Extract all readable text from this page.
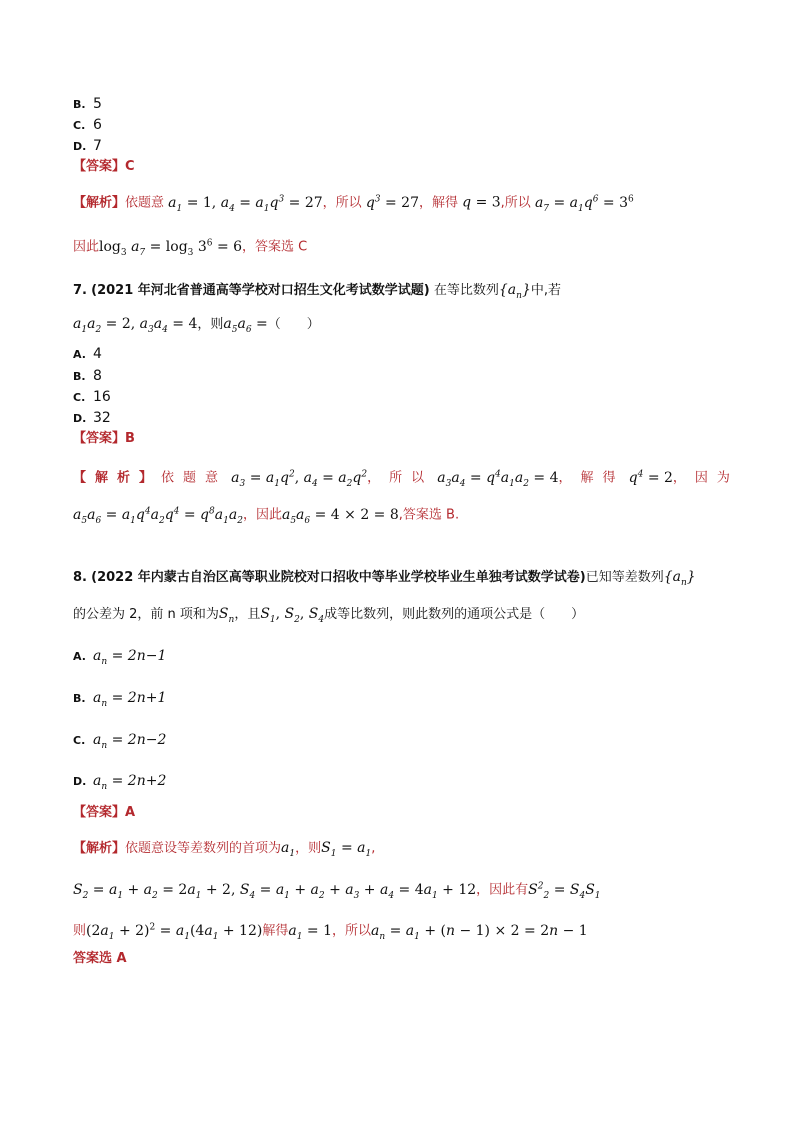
B. 5
C. 6
D. 7
【答案】C
【解析】依题意 $a_1 = 1$, $a_4 = a_1q^3 = 27$，所以 $q^3 = 27$，解得 q = 3,所以 $a_7 = a_1q^6 = 3^6$
因此$\log_3 a_7 = \log_3 3^6 = 6$，答案选 C
7. (2021 年河北省普通高等学校对口招生文化考试数学试题) 在等比数列$\{a_n\}$中,若
$a_1a_2 = 2$, $a_3a_4 = 4$，则$a_5a_6$ =（　　）
A. 4
B. 8
C. 16
D. 32
【答案】B
【解析】依题意 $a_3 = a_1q^2$, $a_4 = a_2q^2$，所以 $a_3a_4 = q^4a_1a_2 = 4$，解得 $q^4 = 2$，因为
$a_5a_6 = a_1q^4a_2q^4 = q^8a_1a_2$，因此$a_5a_6 = 4 \times 2 = 8$,答案选 B.
8. (2022 年内蒙古自治区高等职业院校对口招收中等毕业学校毕业生单独考试数学试卷)已知等差数列$\{a_n\}$
的公差为 2，前 n 项和为$S_n$，且$S_1$, $S_2$, $S_4$成等比数列，则此数列的通项公式是（　　）
A. $a_n = 2n-1$
B. $a_n = 2n+1$
C. $a_n = 2n-2$
D. $a_n = 2n+2$
【答案】A
【解析】依题意设等差数列的首项为$a_1$，则$S_1 = a_1$,
$S_2 = a_1 + a_2 = 2a_1 + 2$, $S_4 = a_1 + a_2 + a_3 + a_4 = 4a_1 + 12$，因此有$S^2_2 = S_4S_1$
则$(2a_1 + 2)^2 = a_1(4a_1 + 12)$解得$a_1 = 1$，所以$a_n = a_1 + (n - 1) \times 2 = 2n - 1$
答案选 A
